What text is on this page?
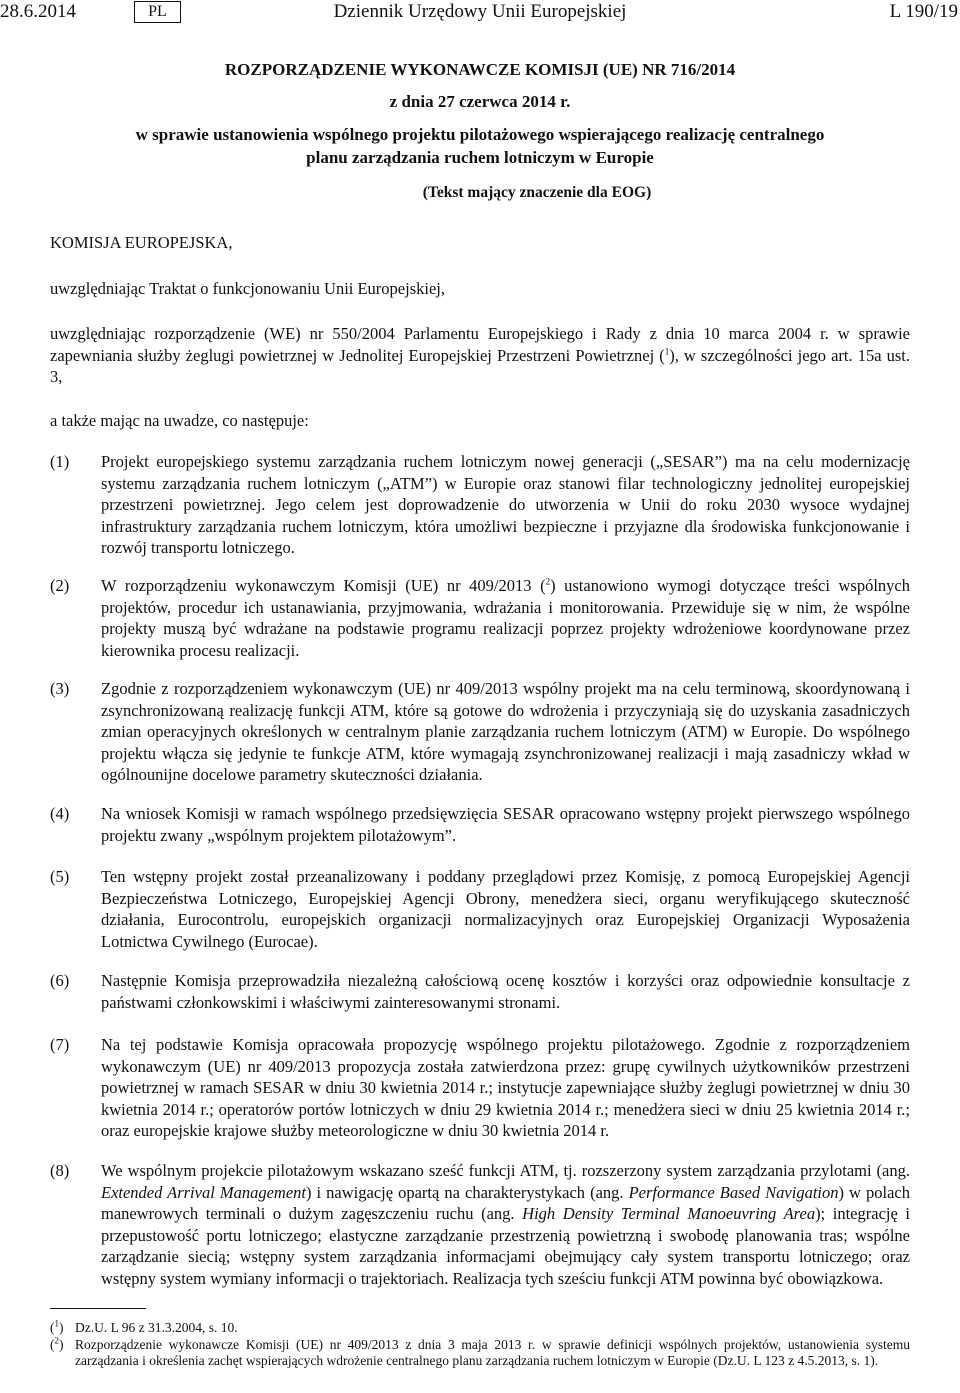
28.6.2014	Dziennik Urzędowy Unii Europejskiej
PL	L 190/19
ROZPORZĄDZENIE WYKONAWCZE KOMISJI (UE) NR 716/2014
z dnia 27 czerwca 2014 r.
w sprawie ustanowienia wspólnego projektu pilotażowego wspierającego realizację centralnego
planu zarządzania ruchem lotniczym w Europie
(Tekst mający znaczenie dla EOG)
KOMISJA EUROPEJSKA,
uwzględniając Traktat o funkcjonowaniu Unii Europejskiej,
uwzględniając rozporządzenie (WE) nr 550/2004 Parlamentu Europejskiego i Rady z dnia 10 marca 2004 r. w sprawie zapewniania służby żeglugi powietrznej w Jednolitej Europejskiej Przestrzeni Powietrznej ($^1$), w szczególności jego art. 15a ust. 3,
a także mając na uwadze, co następuje:
(1)	Projekt europejskiego systemu zarządzania ruchem lotniczym nowej generacji („SESAR”) ma na celu modernizację systemu zarządzania ruchem lotniczym („ATM”) w Europie oraz stanowi filar technologiczny jednolitej europejskiej przestrzeni powietrznej. Jego celem jest doprowadzenie do utworzenia w Unii do roku 2030 wysoce wydajnej infrastruktury zarządzania ruchem lotniczym, która umożliwi bezpieczne i przyjazne dla środowiska funkcjonowanie i rozwój transportu lotniczego.
(2)	W rozporządzeniu wykonawczym Komisji (UE) nr 409/2013 ($^2$) ustanowiono wymogi dotyczące treści wspólnych projektów, procedur ich ustanawiania, przyjmowania, wdrażania i monitorowania. Przewiduje się w nim, że wspólne projekty muszą być wdrażane na podstawie programu realizacji poprzez projekty wdrożeniowe koordynowane przez kierownika procesu realizacji.
(3)	Zgodnie z rozporządzeniem wykonawczym (UE) nr 409/2013 wspólny projekt ma na celu terminową, skoordynowaną i zsynchronizowaną realizację funkcji ATM, które są gotowe do wdrożenia i przyczyniają się do uzyskania zasadniczych zmian operacyjnych określonych w centralnym planie zarządzania ruchem lotniczym (ATM) w Europie. Do wspólnego projektu włącza się jedynie te funkcje ATM, które wymagają zsynchronizowanej realizacji i mają zasadniczy wkład w ogólnounijne docelowe parametry skuteczności działania.
(4)	Na wniosek Komisji w ramach wspólnego przedsięwzięcia SESAR opracowano wstępny projekt pierwszego wspólnego projektu zwany „wspólnym projektem pilotażowym”.
(5)	Ten wstępny projekt został przeanalizowany i poddany przeglądowi przez Komisję, z pomocą Europejskiej Agencji Bezpieczeństwa Lotniczego, Europejskiej Agencji Obrony, menedżera sieci, organu weryfikującego skuteczność działania, Eurocontrolu, europejskich organizacji normalizacyjnych oraz Europejskiej Organizacji Wyposażenia Lotnictwa Cywilnego (Eurocae).
(6)	Następnie Komisja przeprowadziła niezależną całościową ocenę kosztów i korzyści oraz odpowiednie konsultacje z państwami członkowskimi i właściwymi zainteresowanymi stronami.
(7)	Na tej podstawie Komisja opracowała propozycję wspólnego projektu pilotażowego. Zgodnie z rozporządzeniem wykonawczym (UE) nr 409/2013 propozycja została zatwierdzona przez: grupę cywilnych użytkowników przestrzeni powietrznej w ramach SESAR w dniu 30 kwietnia 2014 r.; instytucje zapewniające służby żeglugi powietrznej w dniu 30 kwietnia 2014 r.; operatorów portów lotniczych w dniu 29 kwietnia 2014 r.; menedżera sieci w dniu 25 kwietnia 2014 r.; oraz europejskie krajowe służby meteorologiczne w dniu 30 kwietnia 2014 r.
(8)	We wspólnym projekcie pilotażowym wskazano sześć funkcji ATM, tj. rozszerzony system zarządzania przylotami (ang. Extended Arrival Management) i nawigację opartą na charakterystykach (ang. Performance Based Navigation) w polach manewrowych terminali o dużym zagęszczeniu ruchu (ang. High Density Terminal Manoeuvring Area); integrację i przepustowość portu lotniczego; elastyczne zarządzanie przestrzenią powietrzną i swobodę planowania tras; wspólne zarządzanie siecią; wstępny system zarządzania informacjami obejmujący cały system transportu lotniczego; oraz wstępny system wymiany informacji o trajektoriach. Realizacja tych sześciu funkcji ATM powinna być obowiązkowa.
($^1$) Dz.U. L 96 z 31.3.2004, s. 10.
($^2$) Rozporządzenie wykonawcze Komisji (UE) nr 409/2013 z dnia 3 maja 2013 r. w sprawie definicji wspólnych projektów, ustanowienia systemu zarządzania i określenia zachęt wspierających wdrożenie centralnego planu zarządzania ruchem lotniczym w Europie (Dz.U. L 123 z 4.5.2013, s. 1).
